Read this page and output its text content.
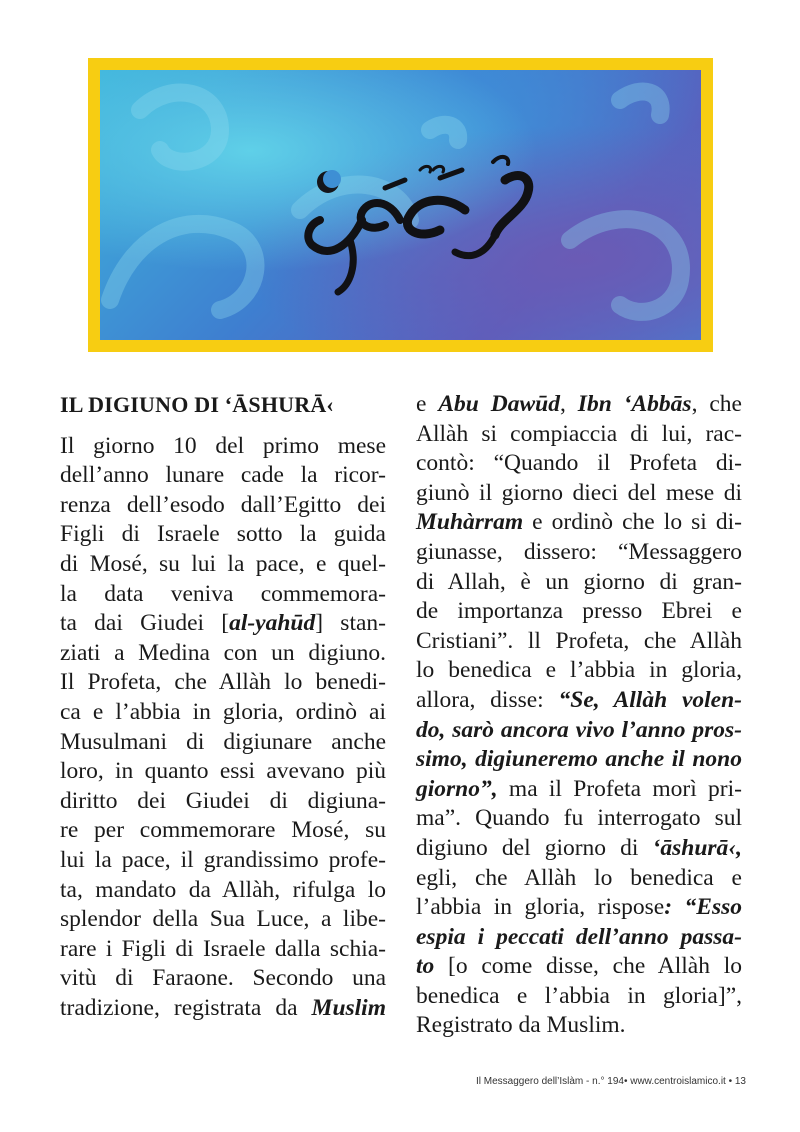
IL DIGIUNO DI ‘ĀSHURĀ‹

Il giorno 10 del primo mese
dell’anno lunare cade la ricor-
renza dell’esodo dall’Egitto dei
Figli di Israele sotto la guida
di Mosé, su lui la pace, e quel-
la data veniva commemora-
ta dai Giudei [al-yahūd] stan-
ziati a Medina con un digiuno.
Il Profeta, che Allàh lo benedi-
ca e l’abbia in gloria, ordinò ai
Musulmani di digiunare anche
loro, in quanto essi avevano più
diritto dei Giudei di digiuna-
re per commemorare Mosé, su
lui la pace, il grandissimo profe-
ta, mandato da Allàh, rifulga lo
splendor della Sua Luce, a libe-
rare i Figli di Israele dalla schia-
vitù di Faraone. Secondo una
tradizione, registrata da Muslim

e Abu Dawūd, Ibn ‘Abbās, che
Allàh si compiaccia di lui, rac-
contò: “Quando il Profeta di-
giunò il giorno dieci del mese di
Muhàrram e ordinò che lo si di-
giunasse, dissero: “Messaggero
di Allah, è un giorno di gran-
de importanza presso Ebrei e
Cristiani”. ll Profeta, che Allàh
lo benedica e l’abbia in gloria,
allora, disse: “Se, Allàh volen-
do, sarò ancora vivo l’anno pros-
simo, digiuneremo anche il nono
giorno”, ma il Profeta morì pri-
ma”. Quando fu interrogato sul
digiuno del giorno di ‘āshurā‹,
egli, che Allàh lo benedica e
l’abbia in gloria, rispose: “Esso
espia i peccati dell’anno passa-
to [o come disse, che Allàh lo
benedica e l’abbia in gloria]”,
Registrato da Muslim.

Il Messaggero dell’Islàm - n.° 194• www.centroislamico.it • 13
